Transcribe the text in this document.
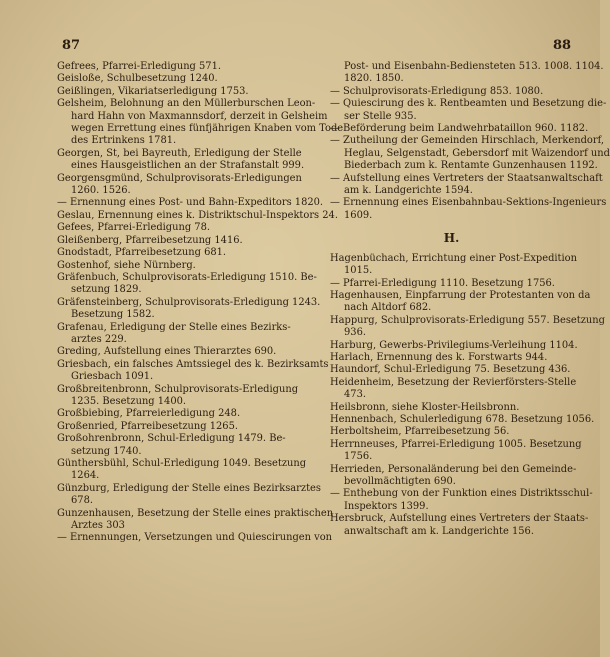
87	88
Gefrees, Pfarrei-Erledigung 571.
Geisloße, Schulbesetzung 1240.
Geißlingen, Vikariatserledigung 1753.
Gelsheim, Belohnung an den Müllerburschen Leon-
hard Hahn von Maxmannsdorf, derzeit in Gelsheim
wegen Errettung eines fünfjährigen Knaben vom Tode
des Ertrinkens 1781.
Georgen, St, bei Bayreuth, Erledigung der Stelle
eines Hausgeistlichen an der Strafanstalt 999.
Georgensgmünd, Schulprovisorats-Erledigungen
1260. 1526.
— Ernennung eines Post- und Bahn-Expeditors 1820.
Geslau, Ernennung eines k. Distriktschul-Inspektors 24.
Gefees, Pfarrei-Erledigung 78.
Gleißenberg, Pfarreibesetzung 1416.
Gnodstadt, Pfarreibesetzung 681.
Gostenhof, siehe Nürnberg.
Gräfenbuch, Schulprovisorats-Erledigung 1510. Be-
setzung 1829.
Gräfensteinberg, Schulprovisorats-Erledigung 1243.
Besetzung 1582.
Grafenau, Erledigung der Stelle eines Bezirks-
arztes 229.
Greding, Aufstellung eines Thierarztes 690.
Griesbach, ein falsches Amtssiegel des k. Bezirksamts
Griesbach 1091.
Großbreitenbronn, Schulprovisorats-Erledigung
1235. Besetzung 1400.
Großbiebing, Pfarreierledigung 248.
Großenried, Pfarreibesetzung 1265.
Großohrenbronn, Schul-Erledigung 1479. Be-
setzung 1740.
Günthersbühl, Schul-Erledigung 1049. Besetzung
1264.
Günzburg, Erledigung der Stelle eines Bezirksarztes
678.
Gunzenhausen, Besetzung der Stelle eines praktischen
Arztes 303
— Ernennungen, Versetzungen und Quiescirungen von
Post- und Eisenbahn-Bediensteten 513. 1008. 1104.
1820. 1850.
— Schulprovisorats-Erledigung 853. 1080.
— Quiescirung des k. Rentbeamten und Besetzung die-
ser Stelle 935.
— Beförderung beim Landwehrbataillon 960. 1182.
— Zutheilung der Gemeinden Hirschlach, Merkendorf,
Heglau, Selgenstadt, Gebersdorf mit Waizendorf und
Biederbach zum k. Rentamte Gunzenhausen 1192.
— Aufstellung eines Vertreters der Staatsanwaltschaft
am k. Landgerichte 1594.
— Ernennung eines Eisenbahnbau-Sektions-Ingenieurs
1609.
H.
Hagenbüchach, Errichtung einer Post-Expedition
1015.
— Pfarrei-Erledigung 1110. Besetzung 1756.
Hagenhausen, Einpfarrung der Protestanten von da
nach Altdorf 682.
Happurg, Schulprovisorats-Erledigung 557. Besetzung
936.
Harburg, Gewerbs-Privilegiums-Verleihung 1104.
Harlach, Ernennung des k. Forstwarts 944.
Haundorf, Schul-Erledigung 75. Besetzung 436.
Heidenheim, Besetzung der Revierförsters-Stelle
473.
Heilsbronn, siehe Kloster-Heilsbronn.
Hennenbach, Schulerledigung 678. Besetzung 1056.
Herboltsheim, Pfarreibesetzung 56.
Herrnneuses, Pfarrei-Erledigung 1005. Besetzung
1756.
Herrieden, Personaländerung bei den Gemeinde-
bevollmächtigten 690.
— Enthebung von der Funktion eines Distriktsschul-
Inspektors 1399.
Hersbruck, Aufstellung eines Vertreters der Staats-
anwaltschaft am k. Landgerichte 156.
